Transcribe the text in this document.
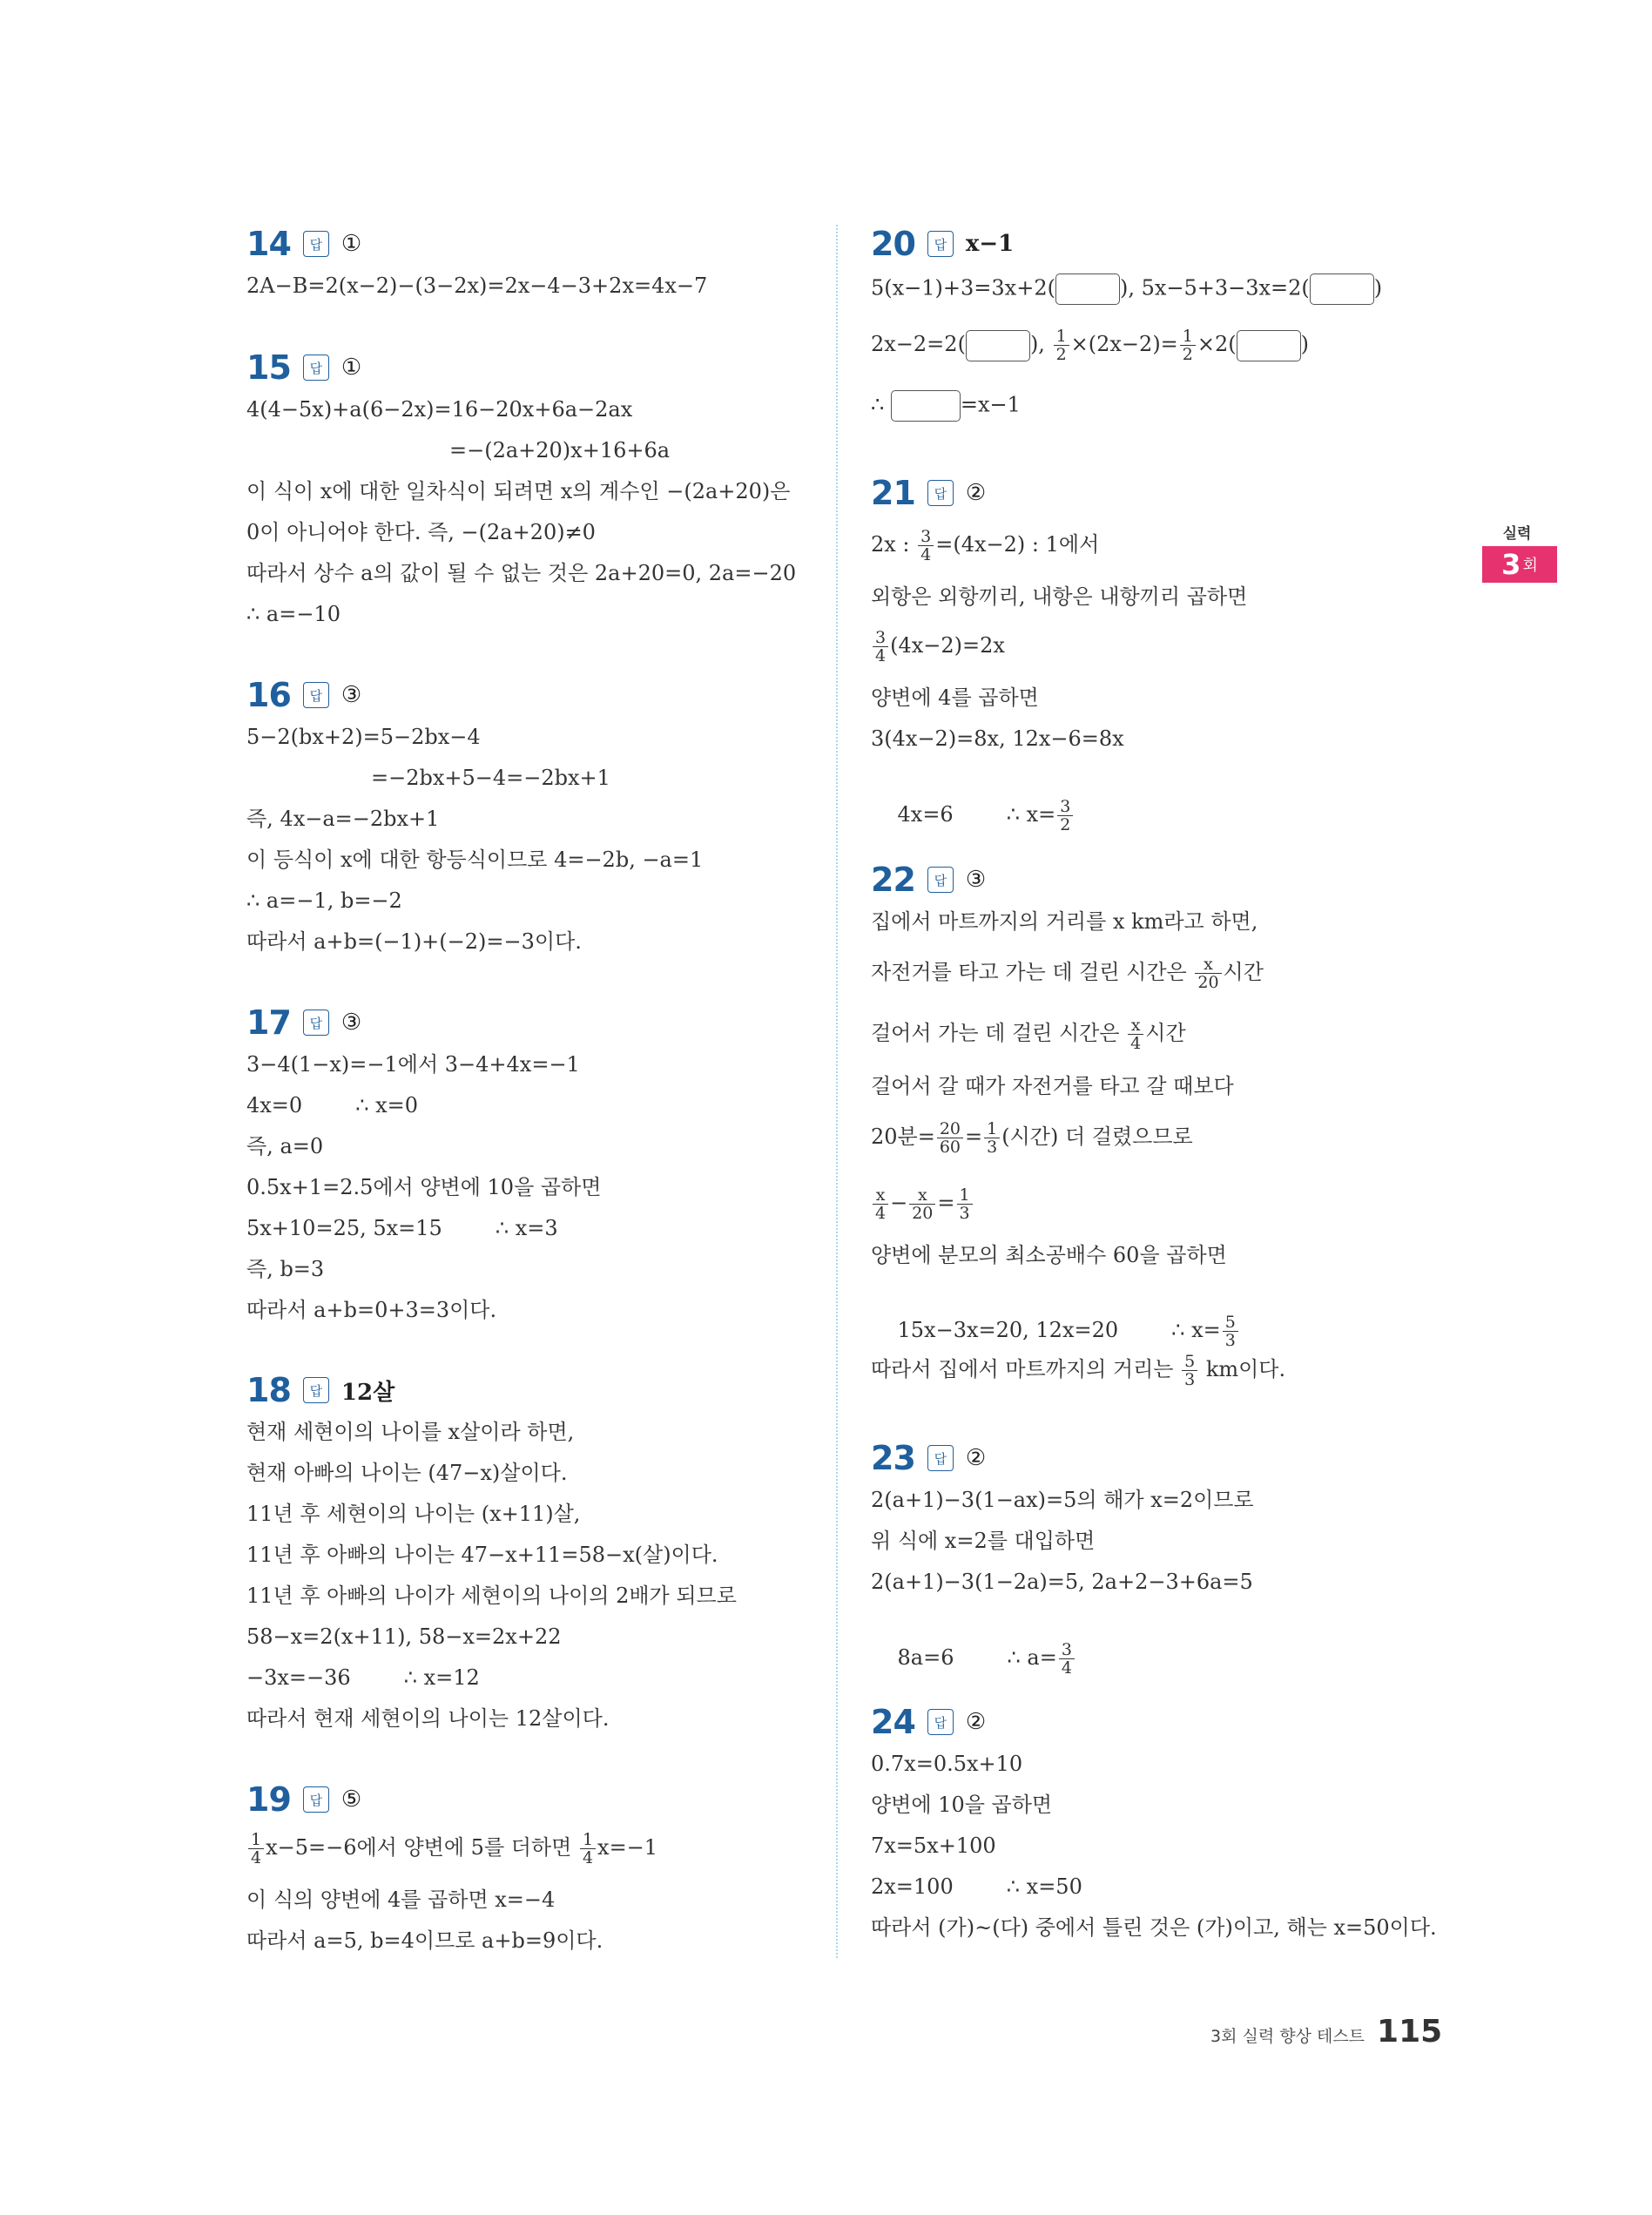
14	답 ①
2A−B=2(x−2)−(3−2x)=2x−4−3+2x=4x−7
15	답 ①
4(4−5x)+a(6−2x)=16−20x+6a−2ax
=−(2a+20)x+16+6a
이 식이 x에 대한 일차식이 되려면 x의 계수인 −(2a+20)은
0이 아니어야 한다. 즉, −(2a+20)≠0
따라서 상수 a의 값이 될 수 없는 것은 2a+20=0, 2a=−20
∴ a=−10
16	답 ③
5−2(bx+2)=5−2bx−4
=−2bx+5−4=−2bx+1
즉, 4x−a=−2bx+1
이 등식이 x에 대한 항등식이므로 4=−2b, −a=1
∴ a=−1, b=−2
따라서 a+b=(−1)+(−2)=−3이다.
17	답 ③
3−4(1−x)=−1에서 3−4+4x=−1
4x=0        ∴ x=0
즉, a=0
0.5x+1=2.5에서 양변에 10을 곱하면
5x+10=25, 5x=15        ∴ x=3
즉, b=3
따라서 a+b=0+3=3이다.
18	답 12살
현재 세현이의 나이를 x살이라 하면,
현재 아빠의 나이는 (47−x)살이다.
11년 후 세현이의 나이는 (x+11)살,
11년 후 아빠의 나이는 47−x+11=58−x(살)이다.
11년 후 아빠의 나이가 세현이의 나이의 2배가 되므로
58−x=2(x+11), 58−x=2x+22
−3x=−36        ∴ x=12
따라서 현재 세현이의 나이는 12살이다.
19	답 ⑤
$\frac{1}{4} x-5=-6$에서 양변에 5를 더하면 $\frac{1}{4} x=-1$
이 식의 양변에 4를 곱하면 x=−4
따라서 a=5, b=4이므로 a+b=9이다.
20	답 x−1
5(x−1)+3=3x+2(	), 5x−5+3−3x=2(	)
2x−2=2(	), $\frac{1}{2} \times(2x-2)= \frac{1}{2} \times 2$(	)
∴	=x−1
21	답 ②
2x : $\frac{3}{4} =(4x-2)$ : 1에서
외항은 외항끼리, 내항은 내항끼리 곱하면
$\frac{3}{4} (4x-2)=2x$
양변에 4를 곱하면
3(4x−2)=8x, 12x−6=8x

4x=6        ∴ $x= \frac{3}{2}$

22	답 ③
집에서 마트까지의 거리를 x km라고 하면,
자전거를 타고 가는 데 걸린 시간은 $\frac{x}{20}$ 시간
걸어서 가는 데 걸린 시간은 $\frac{x}{4}$ 시간
걸어서 갈 때가 자전거를 타고 갈 때보다
20분= $\frac{20}{60} = \frac{1}{3}$ (시간) 더 걸렸으므로
$\frac{x}{4} - \frac{x}{20} = \frac{1}{3}$
양변에 분모의 최소공배수 60을 곱하면

15x−3x=20, 12x=20        ∴ $x= \frac{5}{3}$

따라서 집에서 마트까지의 거리는 $\frac{5}{3}$ km이다.
23	답 ②
2(a+1)−3(1−ax)=5의 해가 x=2이므로
위 식에 x=2를 대입하면
2(a+1)−3(1−2a)=5, 2a+2−3+6a=5

8a=6        ∴ $a= \frac{3}{4}$

24	답 ②
0.7x=0.5x+10
양변에 10을 곱하면
7x=5x+100
2x=100        ∴ x=50
따라서 (가)~(다) 중에서 틀린 것은 (가)이고, 해는 x=50이다.
실력
3 회
3회 실력 향상 테스트 115
